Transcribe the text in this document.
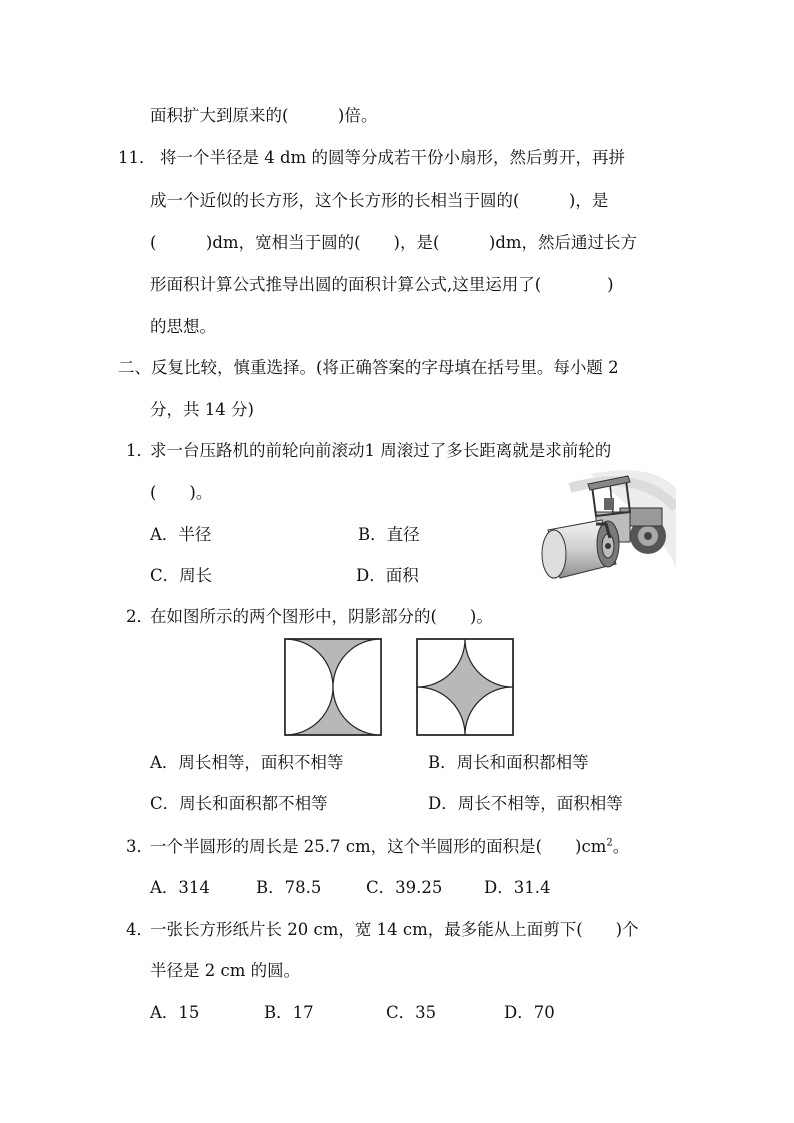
面积扩大到原来的(　　　)倍。
11． 将一个半径是 4 dm 的圆等分成若干份小扇形，然后剪开，再拼
成一个近似的长方形，这个长方形的长相当于圆的(　　　)，是
(　　　)dm，宽相当于圆的(　　)，是(　　　)dm，然后通过长方
形面积计算公式推导出圆的面积计算公式,这里运用了(　　　　)
的思想。
二、反复比较，慎重选择。(将正确答案的字母填在括号里。每小题 2
分，共 14 分)
1．
求一台压路机的前轮向前滚动1 周滚过了多长距离就是求前轮的
(　　)。
A．半径	B．直径
C．周长	D．面积
2．
在如图所示的两个图形中，阴影部分的(　　)。
A．周长相等，面积不相等	B．周长和面积都相等
C．周长和面积都不相等	D．周长不相等，面积相等
3．
一个半圆形的周长是 25.7 cm，这个半圆形的面积是(　　)$cm^2$。
A．314	B．78.5	C．39.25	D．31.4
4．
一张长方形纸片长 20 cm，宽 14 cm，最多能从上面剪下(　　)个
半径是 2 cm 的圆。
A．15	B．17	C．35	D．70
